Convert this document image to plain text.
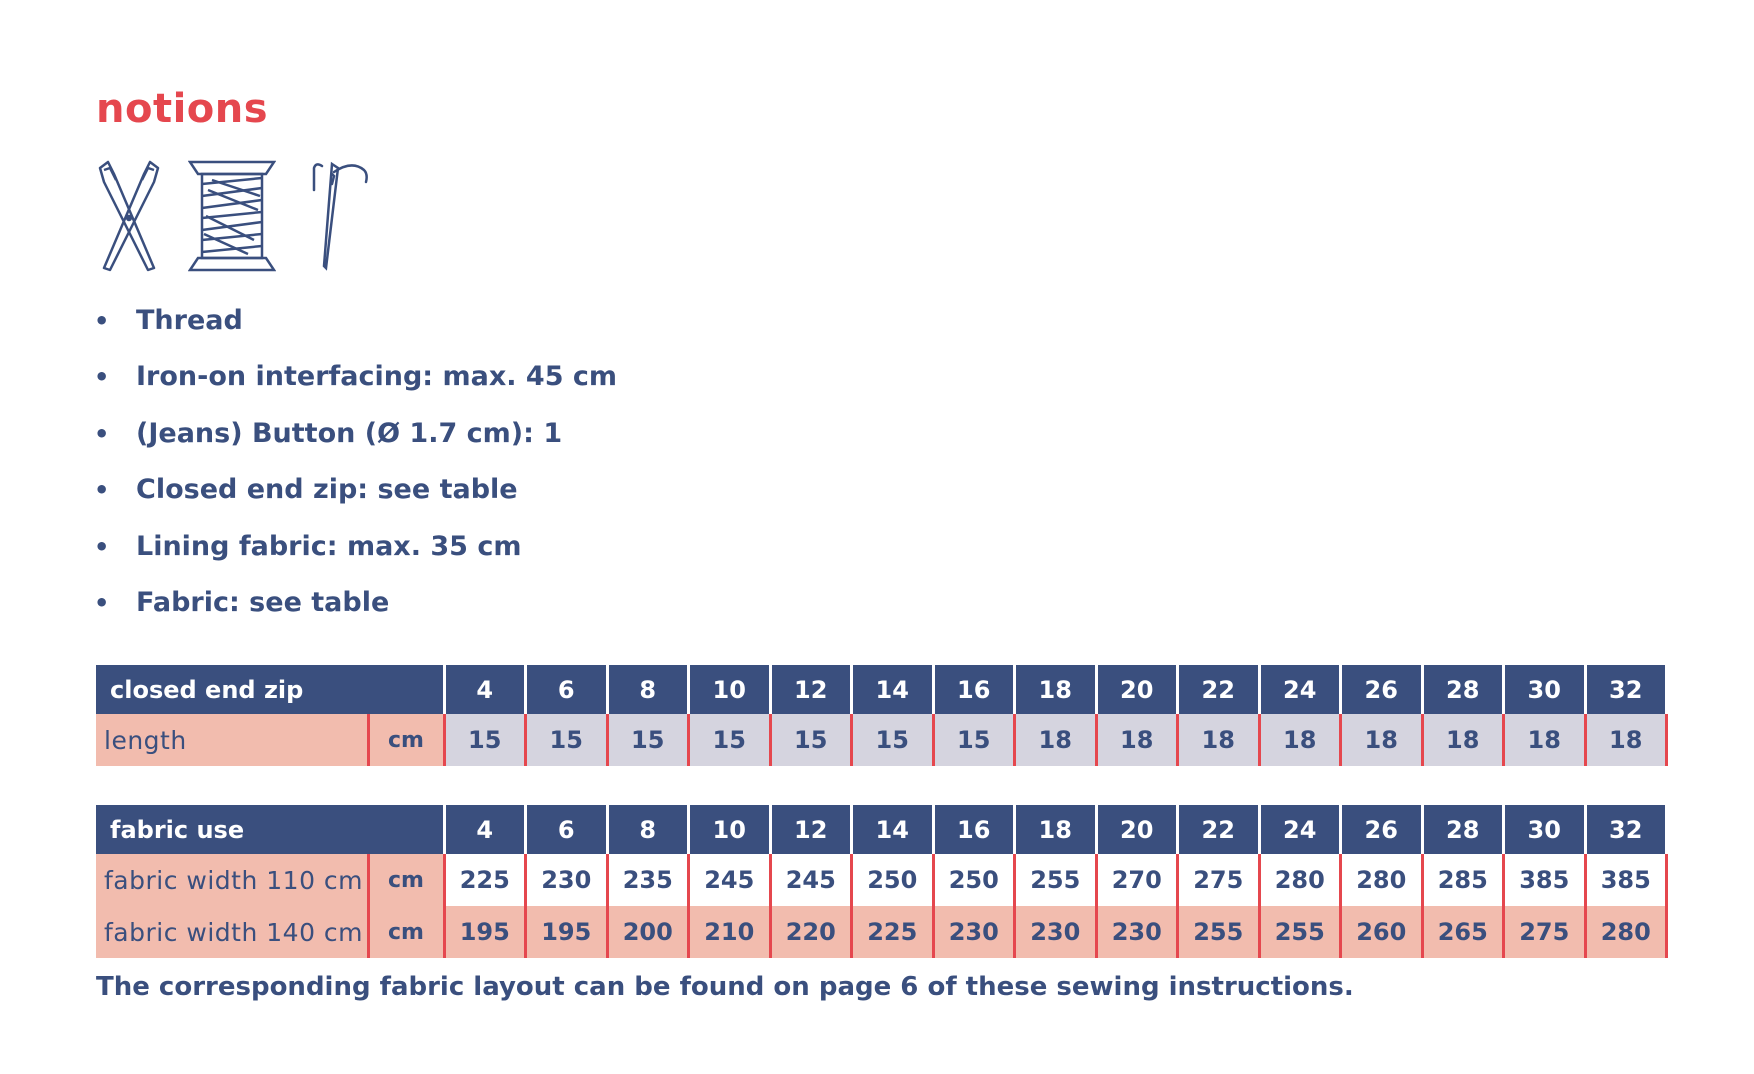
notions
• Thread
• Iron-on interfacing: max. 45 cm
• (Jeans) Button (Ø 1.7 cm): 1
• Closed end zip: see table
• Lining fabric: max. 35 cm
• Fabric: see table
closed end zip		4	6	8	10	12	14	16	18	20	22	24	26	28	30	32
length	cm	15	15	15	15	15	15	15	18	18	18	18	18	18	18	18
fabric use		4	6	8	10	12	14	16	18	20	22	24	26	28	30	32
fabric width 110 cm	cm	225	230	235	245	245	250	250	255	270	275	280	280	285	385	385
fabric width 140 cm	cm	195	195	200	210	220	225	230	230	230	255	255	260	265	275	280

The corresponding fabric layout can be found on page 6 of these sewing instructions.
